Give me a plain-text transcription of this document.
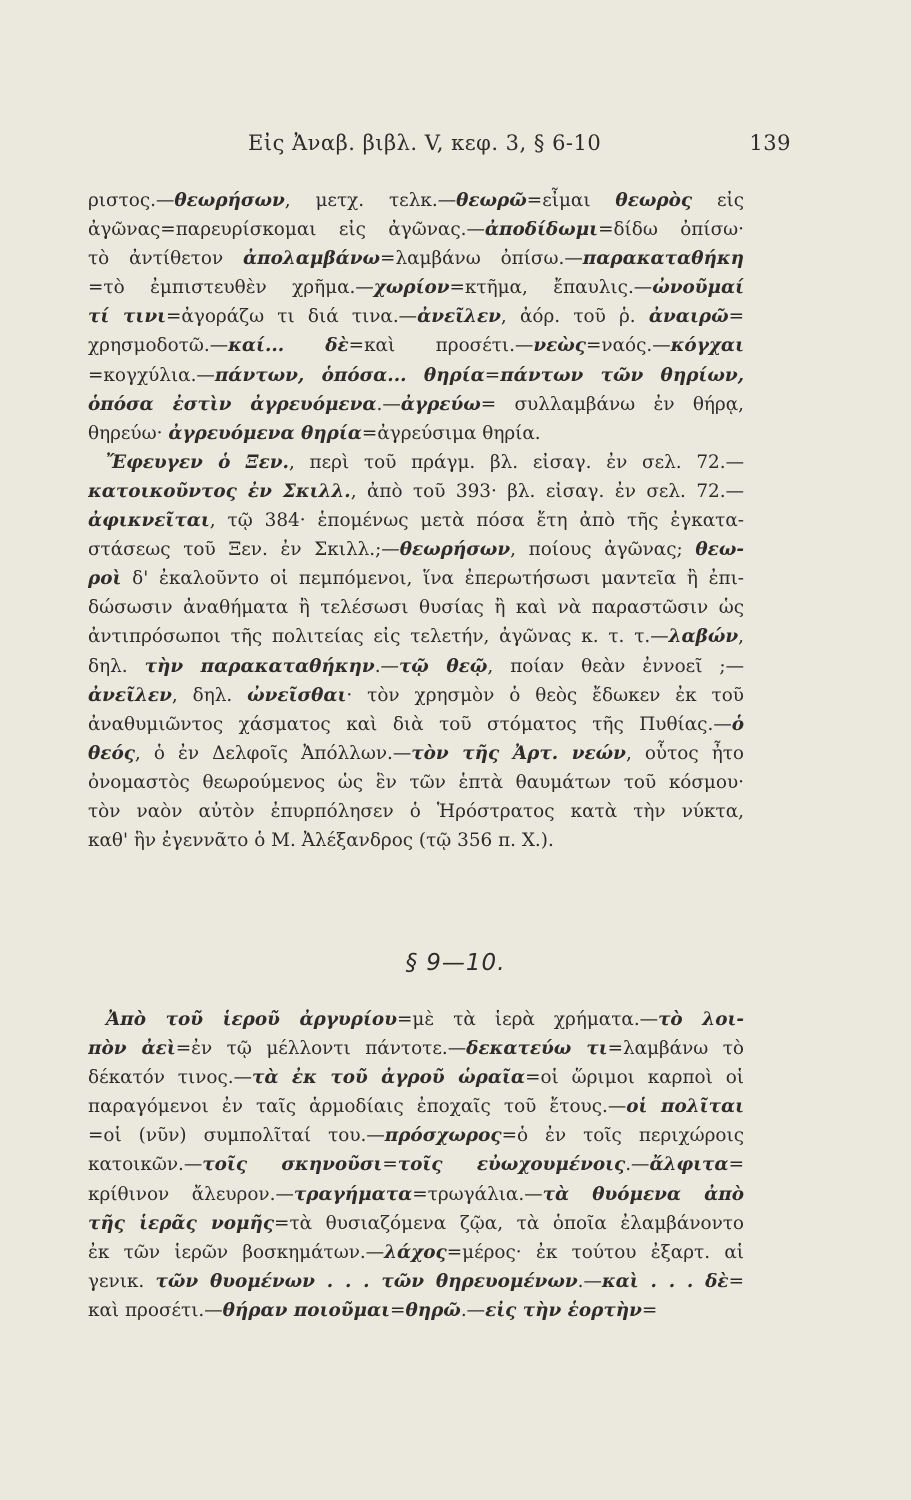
Εἰς Ἀναβ. βιβλ. V, κεφ. 3, § 6-10	139
ριστος.—θεωρήσων, μετχ. τελκ.—θεωρῶ=εἶμαι θεωρὸς εἰς
ἀγῶνας=παρευρίσκομαι εἰς ἀγῶνας.—ἀποδίδωμι=δίδω ὀπίσω·
τὸ ἀντίθετον ἀπολαμβάνω=λαμβάνω ὀπίσω.—παρακαταθήκη
=τὸ ἐμπιστευθὲν χρῆμα.—χωρίον=κτῆμα, ἔπαυλις.—ὠνοῦμαί
τί τινι=ἀγοράζω τι διά τινα.—ἀνεῖλεν, ἀόρ. τοῦ ῥ. ἀναιρῶ=
χρησμοδοτῶ.—καί... δὲ=καὶ προσέτι.—νεὼς=ναός.—κόγχαι
=κογχύλια.—πάντων, ὁπόσα... θηρία=πάντων τῶν θηρίων,
ὁπόσα ἐστὶν ἀγρευόμενα.—ἀγρεύω= συλλαμβάνω ἐν θήρᾳ,
θηρεύω· ἀγρευόμενα θηρία=ἀγρεύσιμα θηρία.
Ἔφευγεν ὁ Ξεν., περὶ τοῦ πράγμ. βλ. εἰσαγ. ἐν σελ. 72.—
κατοικοῦντος ἐν Σκιλλ., ἀπὸ τοῦ 393· βλ. εἰσαγ. ἐν σελ. 72.—
ἀφικνεῖται, τῷ 384· ἑπομένως μετὰ πόσα ἔτη ἀπὸ τῆς ἐγκατα-
στάσεως τοῦ Ξεν. ἐν Σκιλλ.;—θεωρήσων, ποίους ἀγῶνας; θεω-
ροὶ δ' ἐκαλοῦντο οἱ πεμπόμενοι, ἵνα ἐπερωτήσωσι μαντεῖα ἢ ἐπι-
δώσωσιν ἀναθήματα ἢ τελέσωσι θυσίας ἢ καὶ νὰ παραστῶσιν ὡς
ἀντιπρόσωποι τῆς πολιτείας εἰς τελετήν, ἀγῶνας κ. τ. τ.—λαβών,
δηλ. τὴν παρακαταθήκην.—τῷ θεῷ, ποίαν θεὰν ἐννοεῖ ;—
ἀνεῖλεν, δηλ. ὠνεῖσθαι· τὸν χρησμὸν ὁ θεὸς ἔδωκεν ἐκ τοῦ
ἀναθυμιῶντος χάσματος καὶ διὰ τοῦ στόματος τῆς Πυθίας.—ὁ
θεός, ὁ ἐν Δελφοῖς Ἀπόλλων.—τὸν τῆς Ἀρτ. νεών, οὗτος ἦτο
ὀνομαστὸς θεωρούμενος ὡς ἓν τῶν ἑπτὰ θαυμάτων τοῦ κόσμου·
τὸν ναὸν αὐτὸν ἐπυρπόλησεν ὁ Ἡρόστρατος κατὰ τὴν νύκτα,
καθ' ἣν ἐγεννᾶτο ὁ Μ. Ἀλέξανδρος (τῷ 356 π. Χ.).
§ 9—10.
Ἀπὸ τοῦ ἱεροῦ ἀργυρίου=μὲ τὰ ἱερὰ χρήματα.—τὸ λοι-
πὸν ἀεὶ=ἐν τῷ μέλλοντι πάντοτε.—δεκατεύω τι=λαμβάνω τὸ
δέκατόν τινος.—τὰ ἐκ τοῦ ἀγροῦ ὡραῖα=οἱ ὥριμοι καρποὶ οἱ
παραγόμενοι ἐν ταῖς ἁρμοδίαις ἐποχαῖς τοῦ ἔτους.—οἱ πολῖται
=οἱ (νῦν) συμπολῖταί του.—πρόσχωρος=ὁ ἐν τοῖς περιχώροις
κατοικῶν.—τοῖς σκηνοῦσι=τοῖς εὐωχουμένοις.—ἄλφιτα=
κρίθινον ἄλευρον.—τραγήματα=τρωγάλια.—τὰ θυόμενα ἀπὸ
τῆς ἱερᾶς νομῆς=τὰ θυσιαζόμενα ζῷα, τὰ ὁποῖα ἐλαμβάνοντο
ἐκ τῶν ἱερῶν βοσκημάτων.—λάχος=μέρος· ἐκ τούτου ἐξαρτ. αἱ
γενικ. τῶν θυομένων . . . τῶν θηρευομένων.—καὶ . . . δὲ=
καὶ προσέτι.—θήραν ποιοῦμαι=θηρῶ.—εἰς τὴν ἑορτὴν=
